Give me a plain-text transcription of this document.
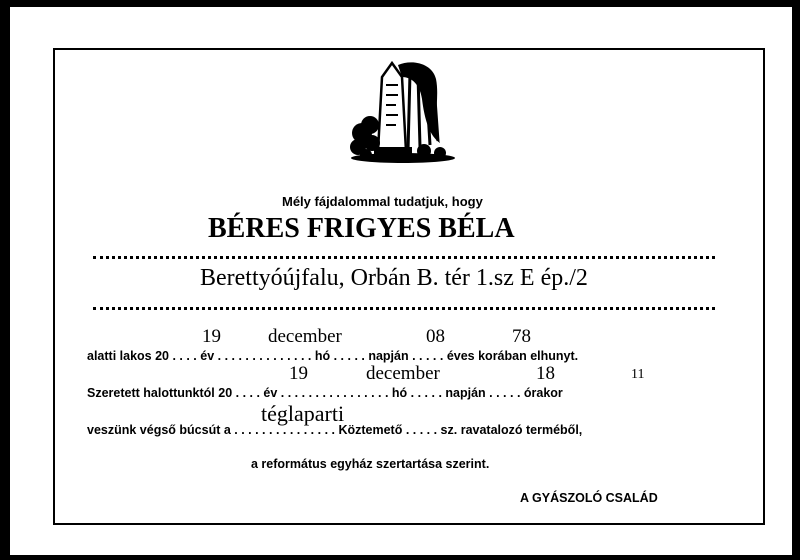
Mély fájdalommal tudatjuk, hogy
BÉRES FRIGYES BÉLA
Berettyóújfalu, Orbán B. tér 1.sz E ép./2
19 december	08	78
alatti lakos 20 . . . . év . . . . . . . . . . . . . . hó . . . . . napján . . . . . éves korában elhunyt.
19	december	18	11
Szeretett halottunktól 20 . . . . év . . . . . . . . . . . . . . . . hó . . . . . napján . . . . . órakor
téglaparti
veszünk végső búcsút a . . . . . . . . . . . . . . . Köztemető . . . . . sz. ravatalozó terméből,
a református egyház szertartása szerint.
A GYÁSZOLÓ CSALÁD
